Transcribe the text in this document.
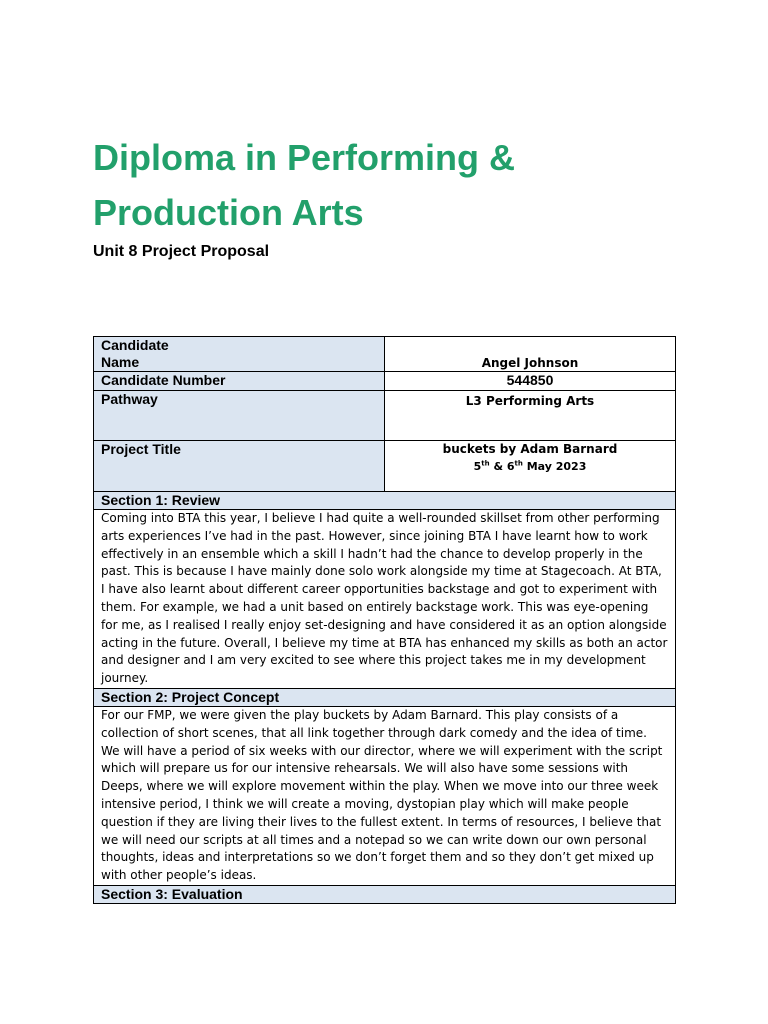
Diploma in Performing & Production Arts
Unit 8 Project Proposal
Candidate Name	Angel Johnson
Candidate Number	544850
Pathway	L3 Performing Arts
Project Title	buckets by Adam Barnard
5th & 6th May 2023

Section 1: Review	
Coming into BTA this year, I believe I had quite a well-rounded skillset from other performing arts experiences I’ve had in the past. However, since joining BTA I have learnt how to work effectively in an ensemble which a skill I hadn’t had the chance to develop properly in the past. This is because I have mainly done solo work alongside my time at Stagecoach. At BTA, I have also learnt about different career opportunities backstage and got to experiment with them. For example, we had a unit based on entirely backstage work. This was eye-opening for me, as I realised I really enjoy set-designing and have considered it as an option alongside acting in the future. Overall, I believe my time at BTA has enhanced my skills as both an actor and designer and I am very excited to see where this project takes me in my development journey.	
Section 2: Project Concept	
For our FMP, we were given the play buckets by Adam Barnard. This play consists of a collection of short scenes, that all link together through dark comedy and the idea of time. We will have a period of six weeks with our director, where we will experiment with the script which will prepare us for our intensive rehearsals. We will also have some sessions with Deeps, where we will explore movement within the play. When we move into our three week intensive period, I think we will create a moving, dystopian play which will make people question if they are living their lives to the fullest extent. In terms of resources, I believe that we will need our scripts at all times and a notepad so we can write down our own personal thoughts, ideas and interpretations so we don’t forget them and so they don’t get mixed up with other people’s ideas.	
Section 3: Evaluation	
